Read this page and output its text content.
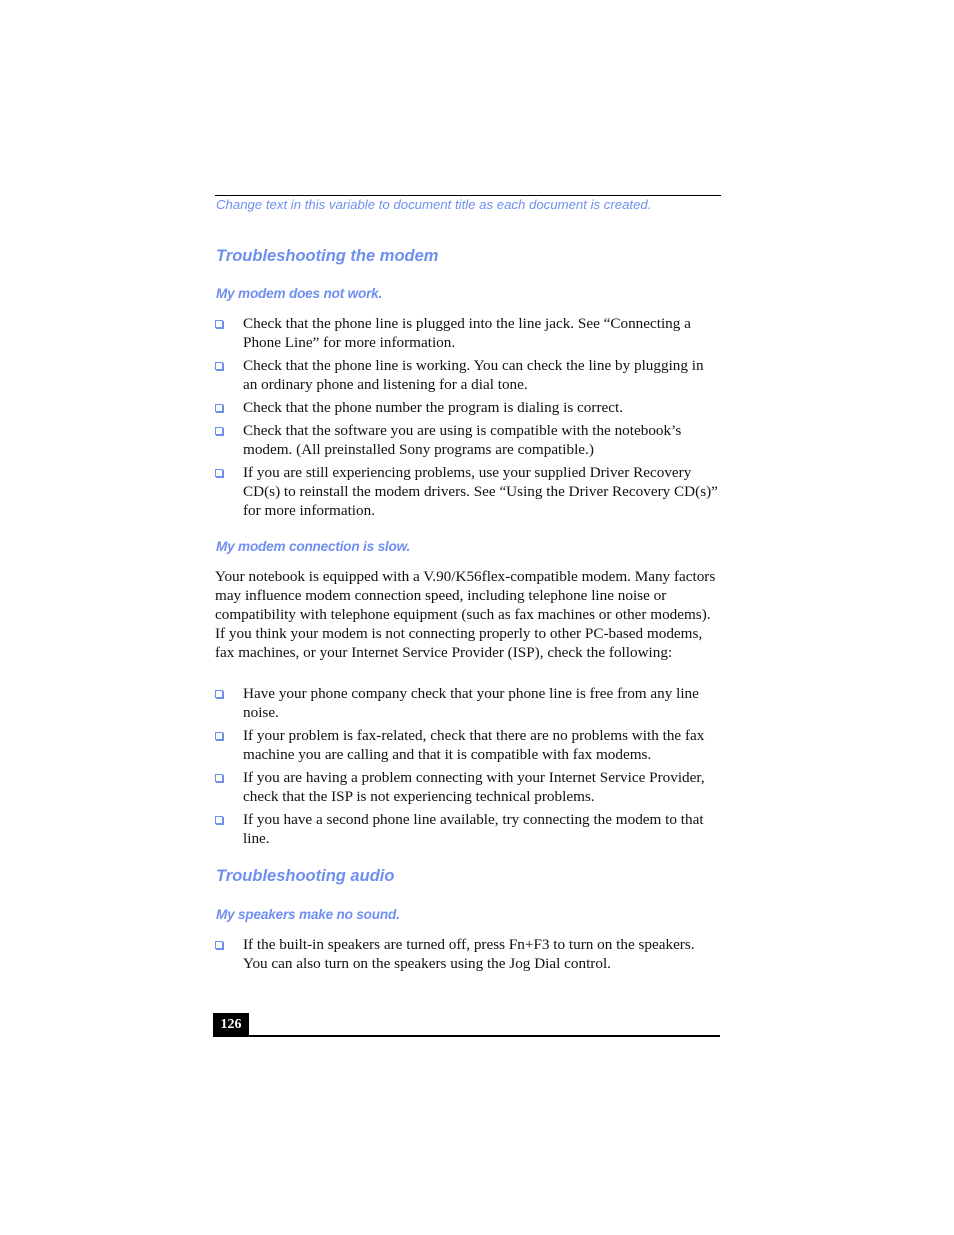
Change text in this variable to document title as each document is created.
Troubleshooting the modem
My modem does not work.
Check that the phone line is plugged into the line jack. See “Connecting a Phone Line” for more information.
Check that the phone line is working. You can check the line by plugging in an ordinary phone and listening for a dial tone.
Check that the phone number the program is dialing is correct.
Check that the software you are using is compatible with the notebook’s modem. (All preinstalled Sony programs are compatible.)
If you are still experiencing problems, use your supplied Driver Recovery CD(s) to reinstall the modem drivers. See “Using the Driver Recovery CD(s)” for more information.
My modem connection is slow.

Your notebook is equipped with a V.90/K56flex-compatible modem. Many factors may influence modem connection speed, including telephone line noise or compatibility with telephone equipment (such as fax machines or other modems). If you think your modem is not connecting properly to other PC-based modems, fax machines, or your Internet Service Provider (ISP), check the following:

Have your phone company check that your phone line is free from any line noise.
If your problem is fax-related, check that there are no problems with the fax machine you are calling and that it is compatible with fax modems.
If you are having a problem connecting with your Internet Service Provider, check that the ISP is not experiencing technical problems.
If you have a second phone line available, try connecting the modem to that line.
Troubleshooting audio
My speakers make no sound.
If the built-in speakers are turned off, press Fn+F3 to turn on the speakers. You can also turn on the speakers using the Jog Dial control.
126
